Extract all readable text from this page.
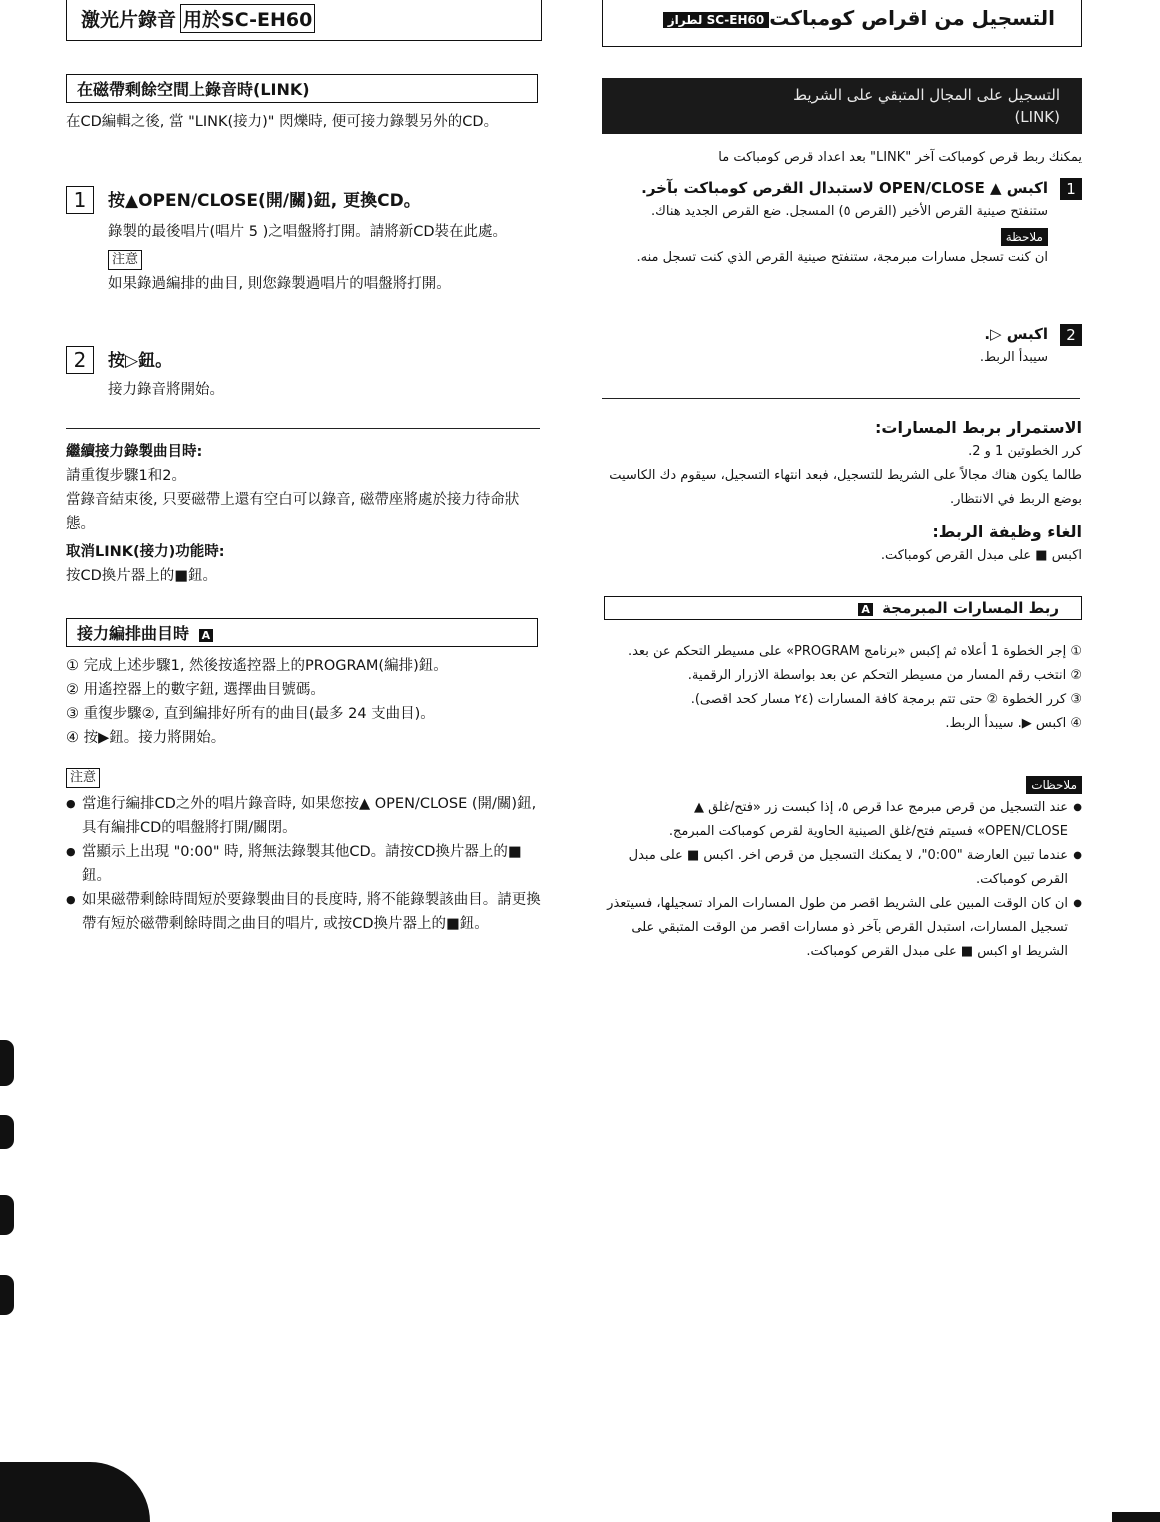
激光片錄音 用於SC-EH60
在磁帶剩餘空間上錄音時(LINK)
在CD編輯之後, 當 "LINK(接力)" 閃爍時, 便可接力錄製另外的CD。
1	按▲OPEN/CLOSE(開/關)鈕, 更換CD。
錄製的最後唱片(唱片 5 )之唱盤將打開。請將新CD裝在此處。
注意
如果錄過編排的曲目, 則您錄製過唱片的唱盤將打開。
2	按▷鈕。
接力錄音將開始。
繼續接力錄製曲目時:
請重復步驟1和2。
當錄音結束後, 只要磁帶上還有空白可以錄音, 磁帶座將處於接力待命狀態。
取消LINK(接力)功能時:
按CD換片器上的■鈕。
接力編排曲目時 A
① 完成上述步驟1, 然後按遙控器上的PROGRAM(編排)鈕。
② 用遙控器上的數字鈕, 選擇曲目號碼。
③ 重復步驟②, 直到編排好所有的曲目(最多 24 支曲目)。
④ 按▶鈕。接力將開始。
注意
● 當進行編排CD之外的唱片錄音時, 如果您按▲ OPEN/CLOSE (開/關)鈕, 具有編排CD的唱盤將打開/關閉。
● 當顯示上出現 "0:00" 時, 將無法錄製其他CD。請按CD換片器上的■鈕。
● 如果磁帶剩餘時間短於要錄製曲目的長度時, 將不能錄製該曲目。請更換帶有短於磁帶剩餘時間之曲目的唱片, 或按CD換片器上的■鈕。
التسجيل من اقراص كومباكتSC-EH60 لطراز
التسجيل على المجال المتبقي على الشريط
(LINK)
يمكنك ربط قرص كومباكت آخر "LINK" بعد اعداد قرص كومباكت ما
1
اكبس ▲ OPEN/CLOSE لاستبدال القرص كومباكت بآخر.
ستنفتح صينية القرص الأخير (القرص ٥) المسجل. ضع القرص الجديد هناك.
ملاحظة
ان كنت تسجل مسارات مبرمجة، ستنفتح صينية القرص الذي كنت تسجل منه.
2
اكبس ▷.
سيبدأ الربط.
الاستمرار بربط المسارات:
كرر الخطوتين 1 و 2.
طالما يكون هناك مجالاً على الشريط للتسجيل، فبعد انتهاء التسجيل، سيقوم دك الكاسيت بوضع الربط في الانتظار.
الغاء وظيفة الربط:
اكبس ■ على مبدل القرص كومباكت.
ربط المسارات المبرمجة A
① إجر الخطوة 1 أعلاه ثم إكبس «برنامج PROGRAM» على مسيطر التحكم عن بعد.
② انتخب رقم المسار من مسيطر التحكم عن بعد بواسطة الازرار الرقمية.
③ كرر الخطوة ② حتى تتم برمجة كافة المسارات (٢٤ مسار كحد اقصى).
④ اكبس ▶. سيبدأ الربط.
ملاحظات
● عند التسجيل من قرص مبرمج عدا قرص ٥، إذا كبست زر «فتح/غلق ▲ OPEN/CLOSE» فسيتم فتح/غلق الصينية الحاوية لقرص كومباكت المبرمج.
● عندما تبين العارضة "0:00"، لا يمكنك التسجيل من قرص اخر. اكبس ■ على مبدل القرص كومباكت.
● ان كان الوقت المبين على الشريط اقصر من طول المسارات المراد تسجيلها، فسيتعذر تسجيل المسارات، استبدل القرص بآخر ذو مسارات اقصر من الوقت المتبقي على الشريط او اكبس ■ على مبدل القرص كومباكت.
